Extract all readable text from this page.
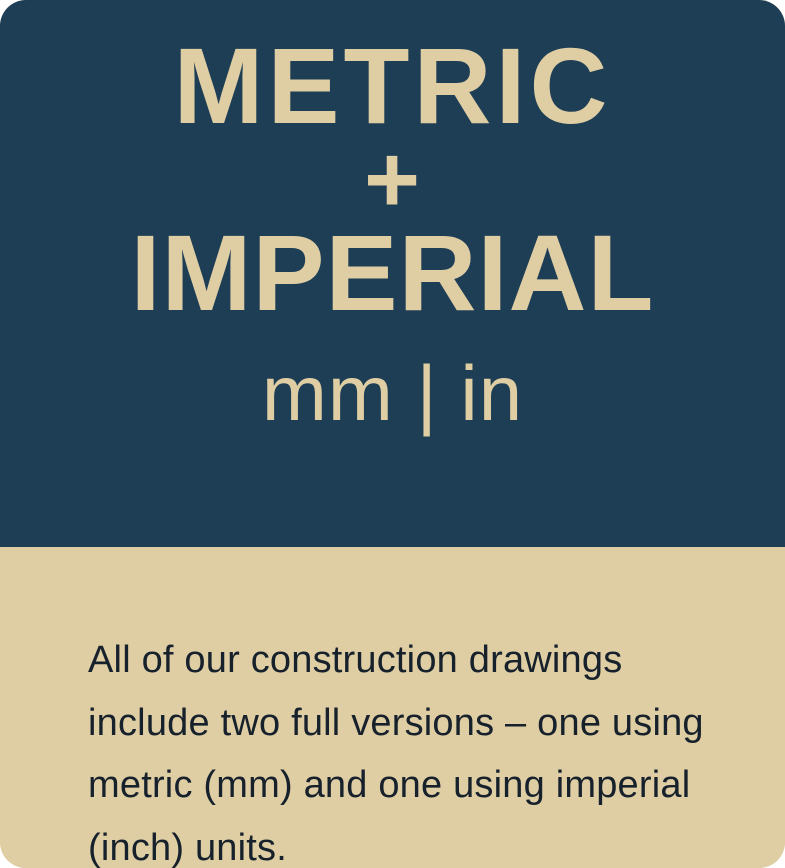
METRIC
+
IMPERIAL
mm | in

All of our construction drawings include two full versions – one using metric (mm) and one using imperial (inch) units.
